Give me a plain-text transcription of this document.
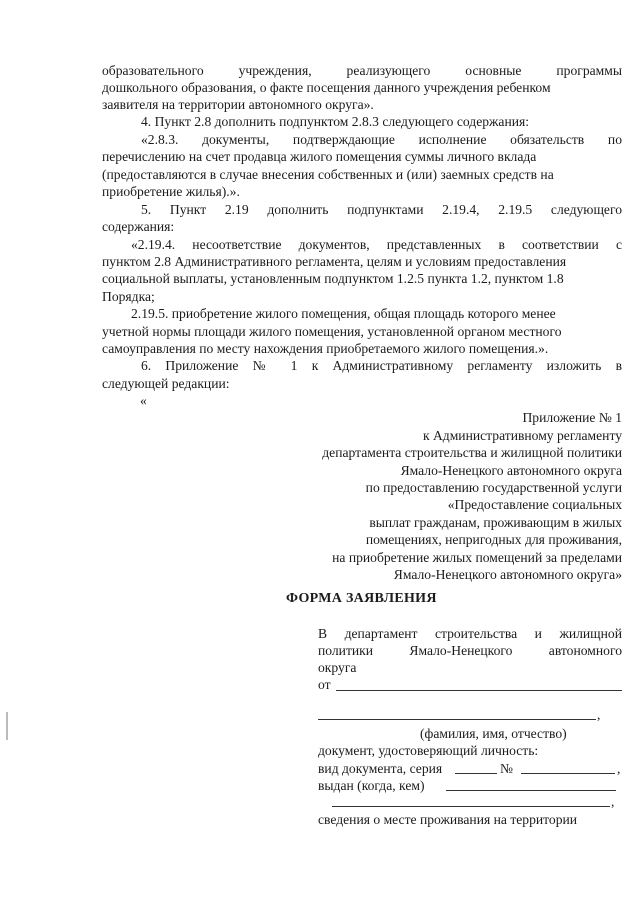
образовательного учреждения, реализующего основные программы
дошкольного образования, о факте посещения данного учреждения ребенком
заявителя на территории автономного округа».
4. Пункт 2.8 дополнить подпунктом 2.8.3 следующего содержания:
«2.8.3. документы, подтверждающие исполнение обязательств по
перечислению на счет продавца жилого помещения суммы личного вклада
(предоставляются в случае внесения собственных и (или) заемных средств на
приобретение жилья).».
5. Пункт 2.19 дополнить подпунктами 2.19.4, 2.19.5 следующего
содержания:
«2.19.4. несоответствие документов, представленных в соответствии с
пунктом 2.8 Административного регламента, целям и условиям предоставления
социальной выплаты, установленным подпунктом 1.2.5 пункта 1.2, пунктом 1.8
Порядка;
2.19.5. приобретение жилого помещения, общая площадь которого менее
учетной нормы площади жилого помещения, установленной органом местного
самоуправления по месту нахождения приобретаемого жилого помещения.».
6. Приложение № 1 к Административному регламенту изложить в
следующей редакции:
«
Приложение № 1
к Административному регламенту
департамента строительства и жилищной политики
Ямало-Ненецкого автономного округа
по предоставлению государственной услуги
«Предоставление социальных
выплат гражданам, проживающим в жилых
помещениях, непригодных для проживания,
на приобретение жилых помещений за пределами
Ямало-Ненецкого автономного округа»
ФОРМА ЗАЯВЛЕНИЯ
В департамент строительства и жилищной
политики Ямало-Ненецкого автономного
округа
от
,
(фамилия, имя, отчество)
документ, удостоверяющий личность:
вид документа, серия	№	,
выдан (когда, кем)
,
сведения о месте проживания на территории
